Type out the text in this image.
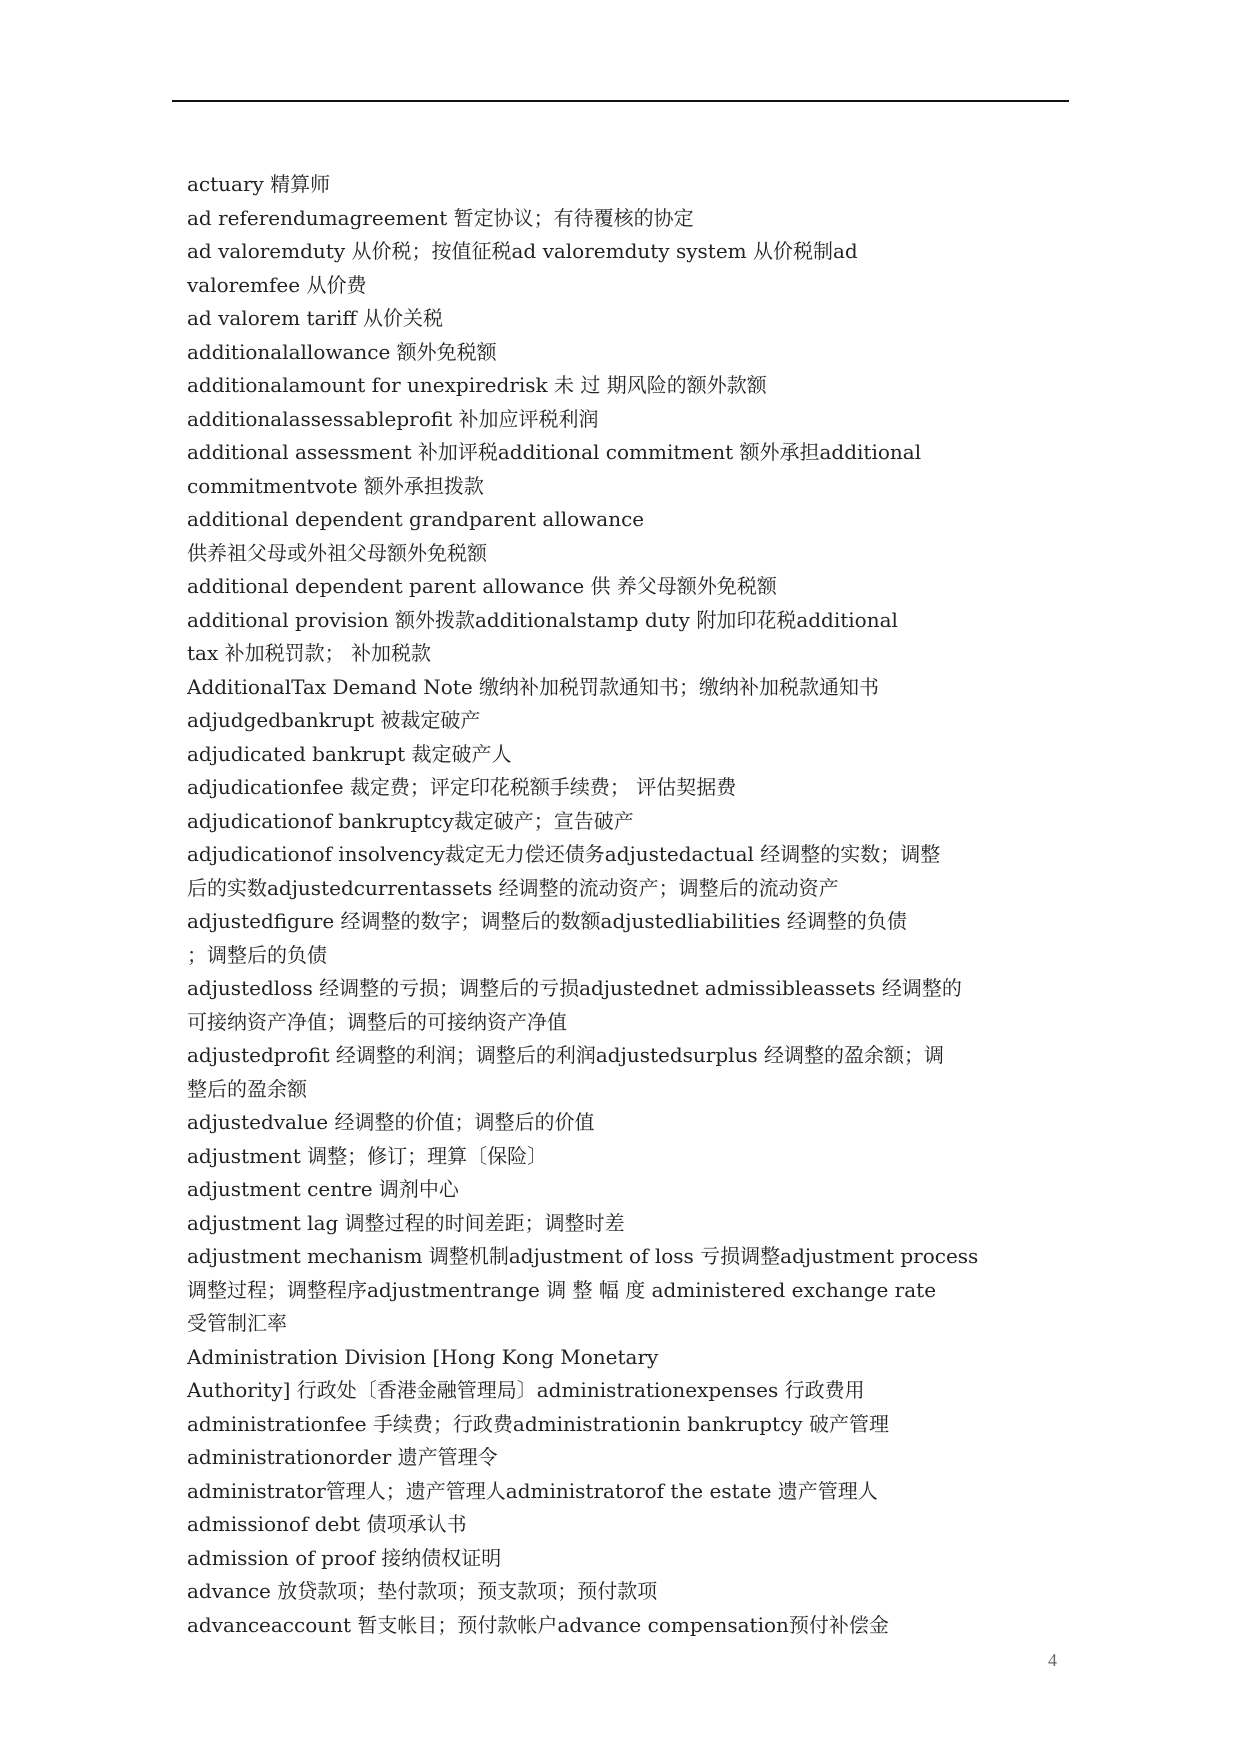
actuary 精算师
ad referendumagreement 暂定协议；有待覆核的协定
ad valoremduty 从价税；按值征税ad valoremduty system 从价税制ad
valoremfee 从价费
ad valorem tariff 从价关税
additionalallowance 额外免税额
additionalamount for unexpiredrisk 未 过 期风险的额外款额
additionalassessableprofit 补加应评税利润
additional assessment 补加评税additional commitment 额外承担additional
commitmentvote 额外承担拨款
additional dependent grandparent allowance
供养祖父母或外祖父母额外免税额
additional dependent parent allowance 供 养父母额外免税额
additional provision 额外拨款additionalstamp duty 附加印花税additional
tax 补加税罚款； 补加税款
AdditionalTax Demand Note 缴纳补加税罚款通知书；缴纳补加税款通知书
adjudgedbankrupt 被裁定破产
adjudicated bankrupt 裁定破产人
adjudicationfee 裁定费；评定印花税额手续费； 评估契据费
adjudicationof bankruptcy裁定破产；宣告破产
adjudicationof insolvency裁定无力偿还债务adjustedactual 经调整的实数；调整
后的实数adjustedcurrentassets 经调整的流动资产；调整后的流动资产
adjustedfigure 经调整的数字；调整后的数额adjustedliabilities 经调整的负债
；调整后的负债
adjustedloss 经调整的亏损；调整后的亏损adjustednet admissibleassets 经调整的
可接纳资产净值；调整后的可接纳资产净值
adjustedprofit 经调整的利润；调整后的利润adjustedsurplus 经调整的盈余额；调
整后的盈余额
adjustedvalue 经调整的价值；调整后的价值
adjustment 调整；修订；理算〔保险〕
adjustment centre 调剂中心
adjustment lag 调整过程的时间差距；调整时差
adjustment mechanism 调整机制adjustment of loss 亏损调整adjustment process
调整过程；调整程序adjustmentrange 调 整 幅 度 administered exchange rate
受管制汇率
Administration Division [Hong Kong Monetary
Authority] 行政处〔香港金融管理局〕administrationexpenses 行政费用
administrationfee 手续费；行政费administrationin bankruptcy 破产管理
administrationorder 遗产管理令
administrator管理人；遗产管理人administratorof the estate 遗产管理人
admissionof debt 债项承认书
admission of proof 接纳债权证明
advance 放贷款项；垫付款项；预支款项；预付款项
advanceaccount 暂支帐目；预付款帐户advance compensation预付补偿金
4
